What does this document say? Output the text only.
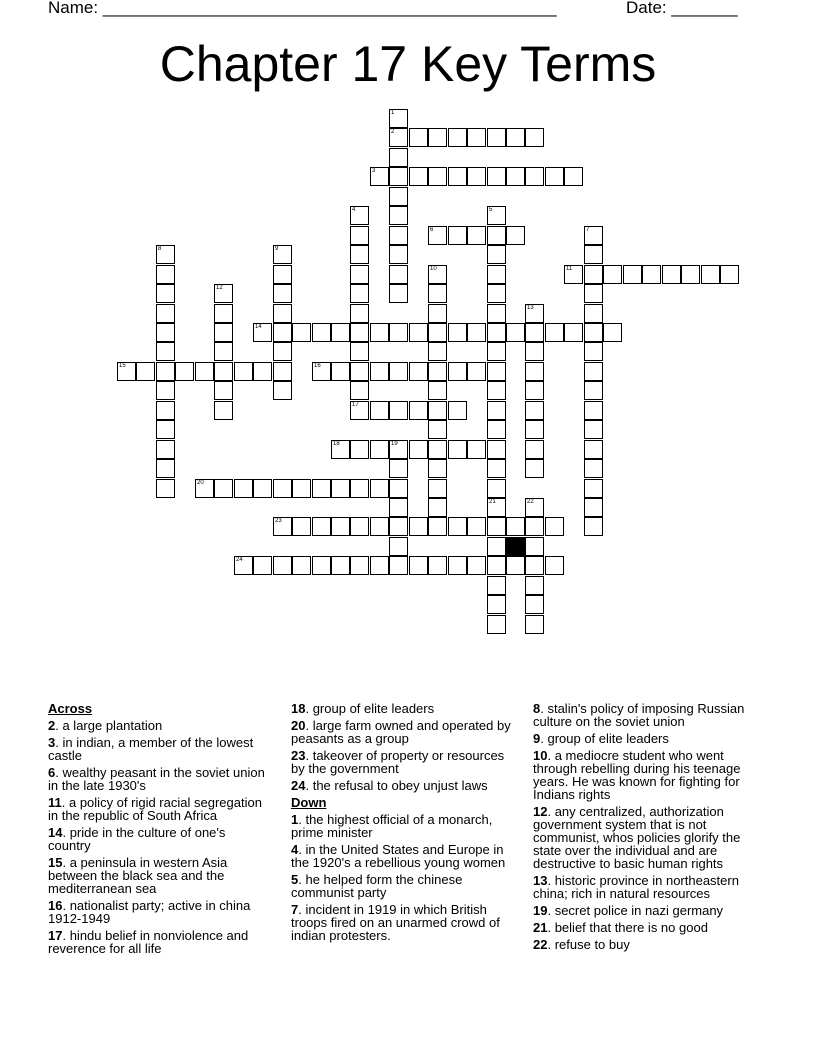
Name: ________________________________________________	Date: _______
Chapter 17 Key Terms
2
3
6
11
14
15	16
17
18	19
20
23
24
1
4	5
21
7
8	9
10
12
13
22
Across
2. a large plantation
3. in indian, a member of the lowest castle
6. wealthy peasant in the soviet union in the late 1930's
11. a policy of rigid racial segregation in the republic of South Africa
14. pride in the culture of one's country
15. a peninsula in western Asia between the black sea and the mediterranean sea
16. nationalist party; active in china 1912-1949
17. hindu belief in nonviolence and reverence for all life
18. group of elite leaders
20. large farm owned and operated by peasants as a group
23. takeover of property or resources by the government
24. the refusal to obey unjust laws
Down
1. the highest official of a monarch, prime minister
4. in the United States and Europe in the 1920's a rebellious young women
5. he helped form the chinese communist party
7. incident in 1919 in which British troops fired on an unarmed crowd of indian protesters.
8. stalin's policy of imposing Russian culture on the soviet union
9. group of elite leaders
10. a mediocre student who went through rebelling during his teenage years. He was known for fighting for Indians rights
12. any centralized, authorization government system that is not communist, whos policies glorify the state over the individual and are destructive to basic human rights
13. historic province in northeastern china; rich in natural resources
19. secret police in nazi germany
21. belief that there is no good
22. refuse to buy
